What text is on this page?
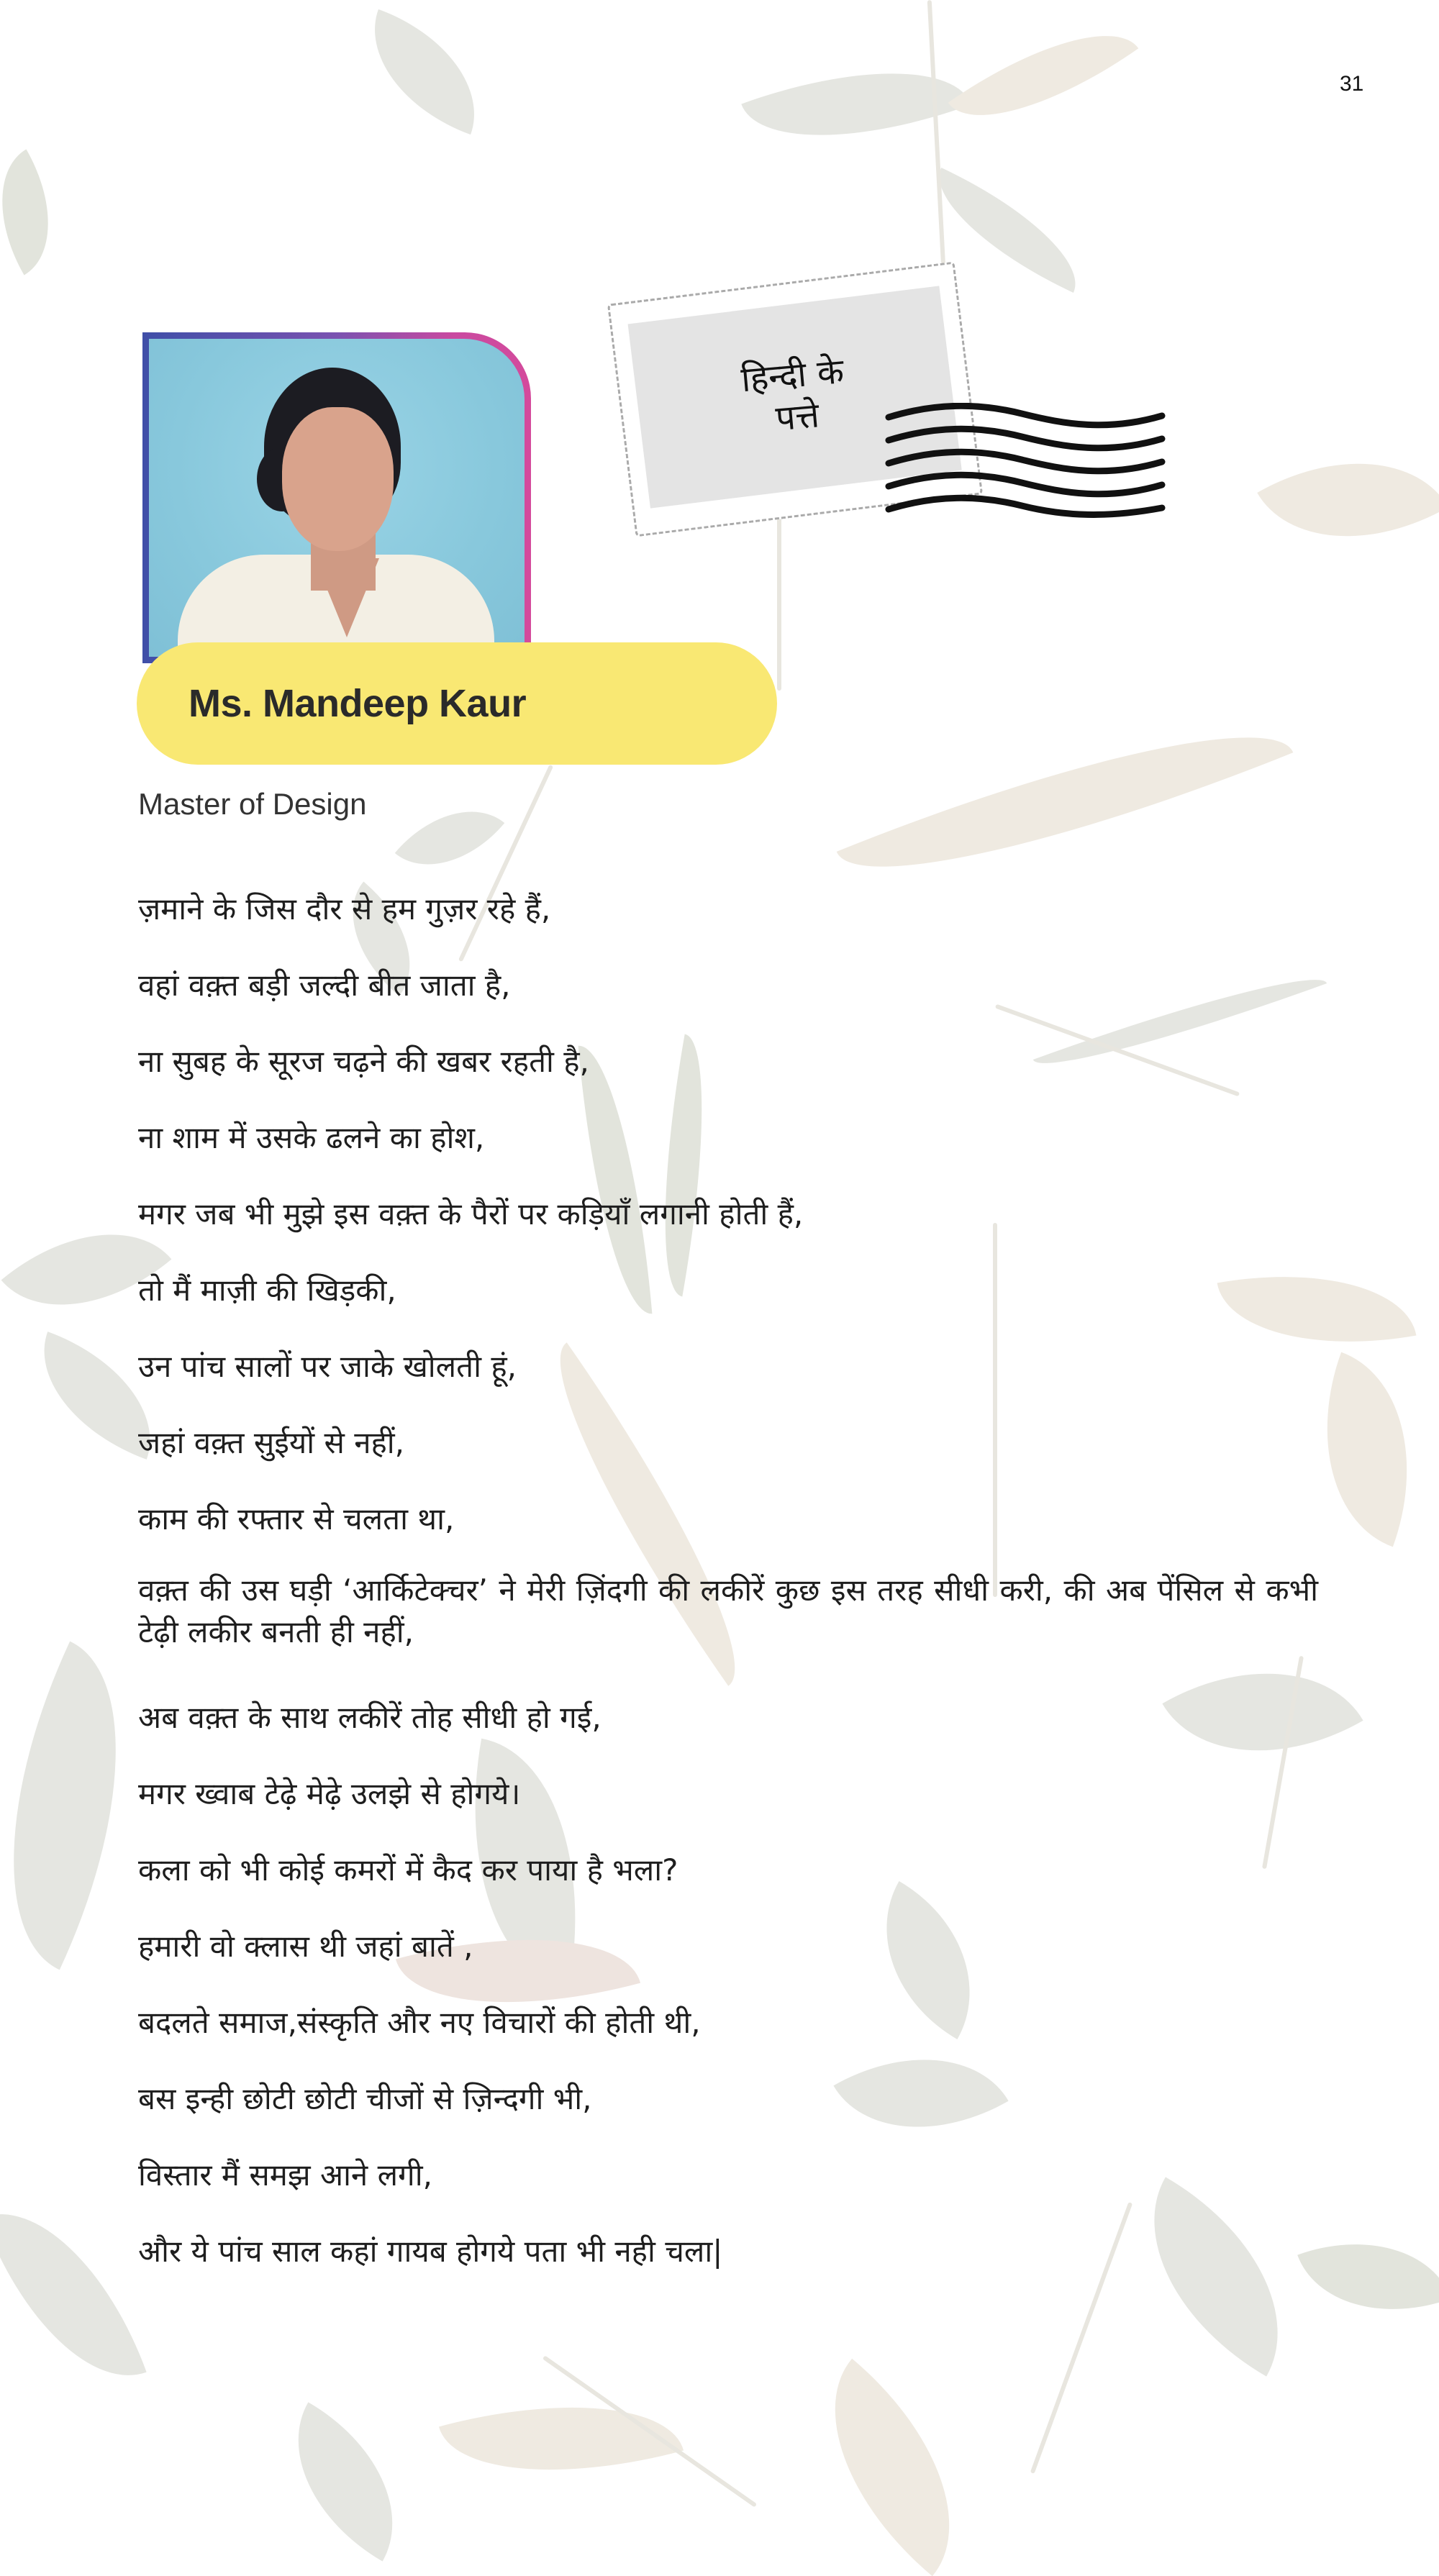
31
हिन्दी के
पत्ते
Ms. Mandeep Kaur
Master of Design
ज़माने के जिस दौर से हम गुज़र रहे हैं,
वहां वक़्त बड़ी जल्दी बीत जाता है,
ना सुबह के सूरज चढ़ने की खबर रहती है,
ना शाम में उसके ढलने का होश,
मगर जब भी मुझे इस वक़्त के पैरों पर कड़ियाँ लगानी होती हैं,
तो मैं माज़ी की खिड़की,
उन पांच सालों पर जाके खोलती हूं,
जहां वक़्त सुईयों से नहीं,
काम की रफ्तार से चलता था,
वक़्त की उस घड़ी ‘आर्किटेक्चर’ ने मेरी ज़िंदगी की लकीरें कुछ इस तरह सीधी करी, की अब पेंसिल से कभी टेढ़ी लकीर बनती ही नहीं,
अब वक़्त के साथ लकीरें तोह सीधी हो गई,
मगर ख्वाब टेढ़े मेढ़े उलझे से होगये।
कला को भी कोई कमरों में कैद कर पाया है भला?
हमारी वो क्लास थी जहां बातें ,
बदलते समाज,संस्कृति और नए विचारों की होती थी,
बस इन्ही छोटी छोटी चीजों से ज़िन्दगी भी,
विस्तार मैं समझ आने लगी,
और ये पांच साल कहां गायब होगये पता भी नही चला|
